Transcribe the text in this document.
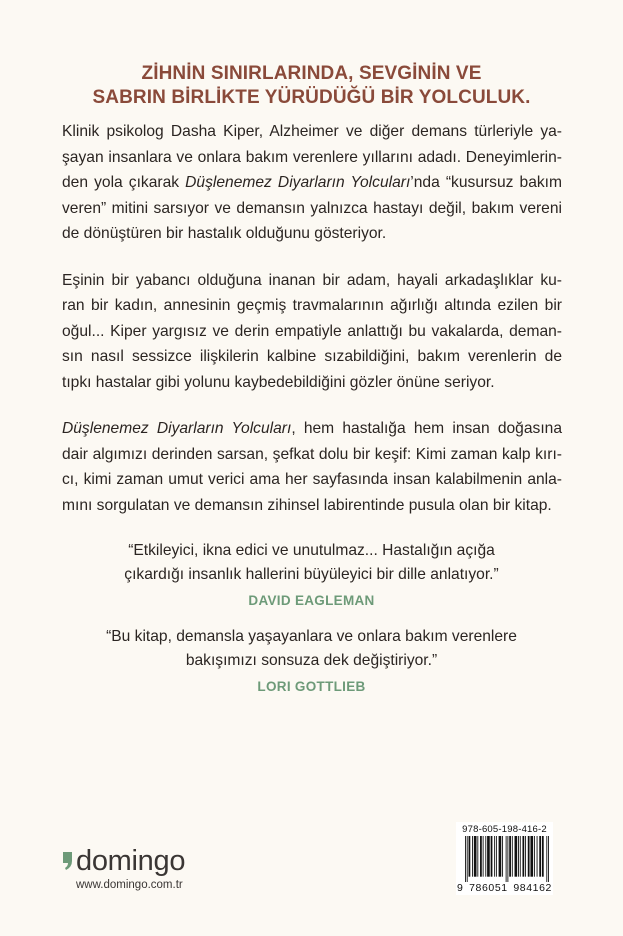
ZİHNİN SINIRLARINDA, SEVGİNİN VE
SABRIN BİRLİKTE YÜRÜDÜĞÜ BİR YOLCULUK.
Klinik psikolog Dasha Kiper, Alzheimer ve diğer demans türleriyle ya-
şayan insanlara ve onlara bakım verenlere yıllarını adadı. Deneyimlerin-
den yola çıkarak Düşlenemez Diyarların Yolcuları’nda “kusursuz bakım
veren” mitini sarsıyor ve demansın yalnızca hastayı değil, bakım vereni
de dönüştüren bir hastalık olduğunu gösteriyor.
Eşinin bir yabancı olduğuna inanan bir adam, hayali arkadaşlıklar ku-
ran bir kadın, annesinin geçmiş travmalarının ağırlığı altında ezilen bir
oğul... Kiper yargısız ve derin empatiyle anlattığı bu vakalarda, deman-
sın nasıl sessizce ilişkilerin kalbine sızabildiğini, bakım verenlerin de
tıpkı hastalar gibi yolunu kaybedebildiğini gözler önüne seriyor.
Düşlenemez Diyarların Yolcuları, hem hastalığa hem insan doğasına
dair algımızı derinden sarsan, şefkat dolu bir keşif: Kimi zaman kalp kırı-
cı, kimi zaman umut verici ama her sayfasında insan kalabilmenin anla-
mını sorgulatan ve demansın zihinsel labirentinde pusula olan bir kitap.
“Etkileyici, ikna edici ve unutulmaz... Hastalığın açığa
çıkardığı insanlık hallerini büyüleyici bir dille anlatıyor.”
DAVID EAGLEMAN
“Bu kitap, demansla yaşayanlara ve onlara bakım verenlere
bakışımızı sonsuza dek değiştiriyor.”
LORI GOTTLIEB
domingo
www.domingo.com.tr
978-605-198-416-2
9 786051 984162
